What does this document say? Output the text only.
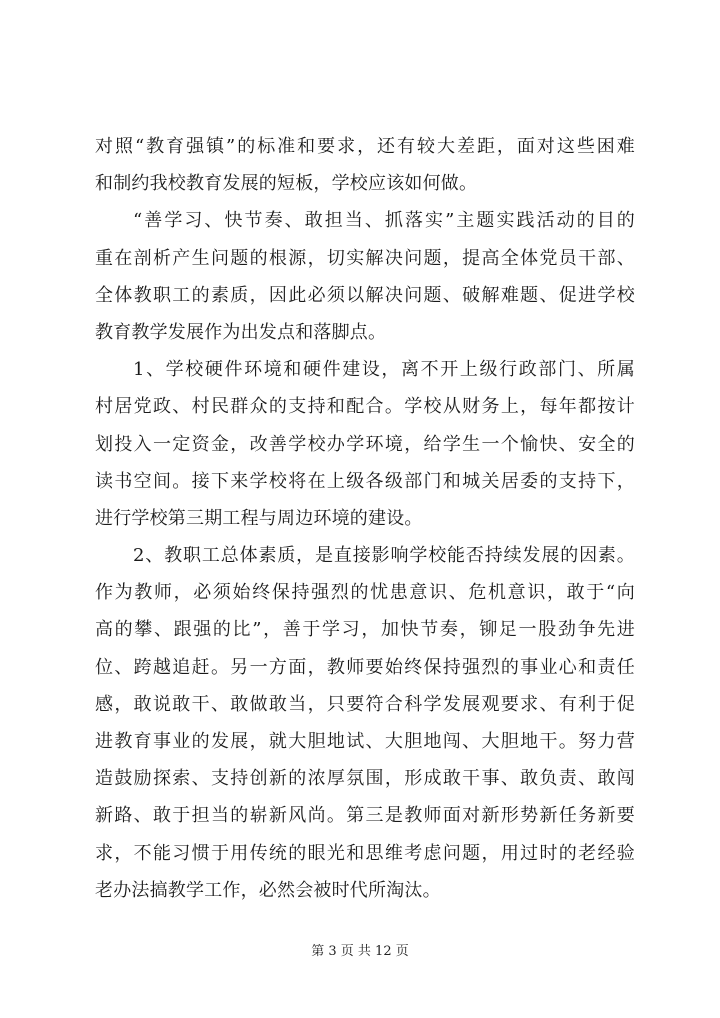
对照“教育强镇”的标准和要求，还有较大差距，面对这些困难
和制约我校教育发展的短板，学校应该如何做。
“善学习、快节奏、敢担当、抓落实”主题实践活动的目的
重在剖析产生问题的根源，切实解决问题，提高全体党员干部、
全体教职工的素质，因此必须以解决问题、破解难题、促进学校
教育教学发展作为出发点和落脚点。
1、学校硬件环境和硬件建设，离不开上级行政部门、所属
村居党政、村民群众的支持和配合。学校从财务上，每年都按计
划投入一定资金，改善学校办学环境，给学生一个愉快、安全的
读书空间。接下来学校将在上级各级部门和城关居委的支持下，
进行学校第三期工程与周边环境的建设。
2、教职工总体素质，是直接影响学校能否持续发展的因素。
作为教师，必须始终保持强烈的忧患意识、危机意识，敢于“向
高的攀、跟强的比”，善于学习，加快节奏，铆足一股劲争先进
位、跨越追赶。另一方面，教师要始终保持强烈的事业心和责任
感，敢说敢干、敢做敢当，只要符合科学发展观要求、有利于促
进教育事业的发展，就大胆地试、大胆地闯、大胆地干。努力营
造鼓励探索、支持创新的浓厚氛围，形成敢干事、敢负责、敢闯
新路、敢于担当的崭新风尚。第三是教师面对新形势新任务新要
求，不能习惯于用传统的眼光和思维考虑问题，用过时的老经验
老办法搞教学工作，必然会被时代所淘汰。
第 3 页 共 12 页
